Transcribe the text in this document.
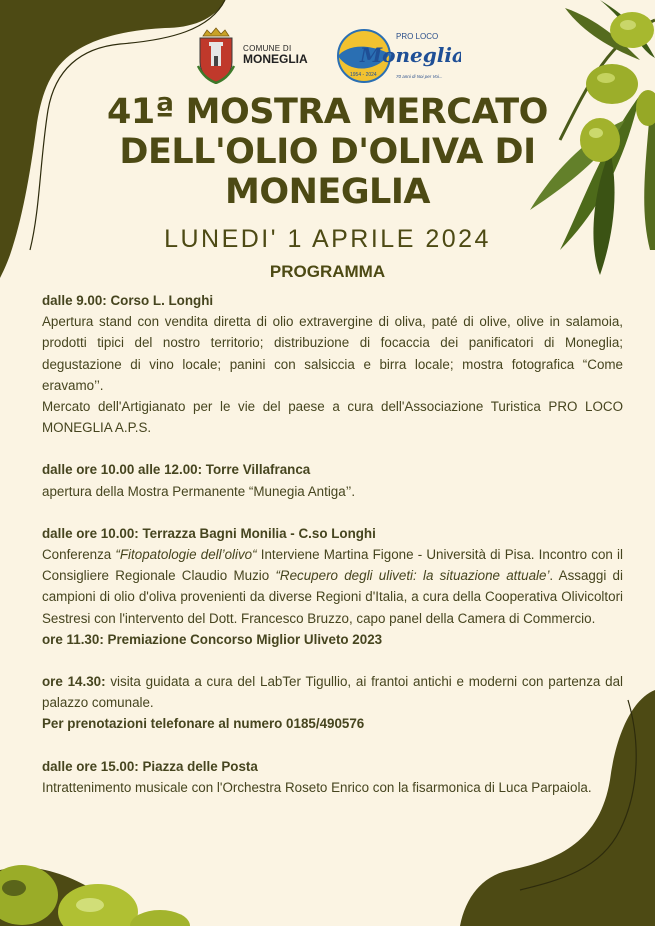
COMUNE DI
MONEGLIA
PRO LOCO
Moneglia
1954 - 2024	70 anni di Noi per Voi...
41ª MOSTRA MERCATO
DELL'OLIO D'OLIVA DI
MONEGLIA
LUNEDI' 1 APRILE 2024
PROGRAMMA

dalle 9.00: Corso L. Longhi

Apertura stand con vendita diretta di olio extravergine di oliva, paté di olive, olive in salamoia, prodotti tipici del nostro territorio; distribuzione di focaccia dei panificatori di Moneglia; degustazione di vino locale; panini con salsiccia e birra locale; mostra fotografica “Come eravamo’’.

Mercato dell'Artigianato per le vie del paese a cura dell'Associazione Turistica PRO LOCO MONEGLIA A.P.S.

dalle ore 10.00 alle 12.00: Torre Villafranca

apertura della Mostra Permanente “Munegia Antiga’’.

dalle ore 10.00: Terrazza Bagni Monilia - C.so Longhi

Conferenza “Fitopatologie dell’olivo“ Interviene Martina Figone - Università di Pisa. Incontro con il Consigliere Regionale Claudio Muzio “Recupero degli uliveti: la situazione attuale’. Assaggi di campioni di olio d'oliva provenienti da diverse Regioni d'Italia, a cura della Cooperativa Olivicoltori Sestresi con l'intervento del Dott. Francesco Bruzzo, capo panel della Camera di Commercio.

ore 11.30: Premiazione Concorso Miglior Uliveto 2023

ore 14.30: visita guidata a cura del LabTer Tigullio, ai frantoi antichi e moderni con partenza dal palazzo comunale.

Per prenotazioni telefonare al numero 0185/490576

dalle ore 15.00: Piazza delle Posta

Intrattenimento musicale con l'Orchestra Roseto Enrico con la fisarmonica di Luca Parpaiola.
